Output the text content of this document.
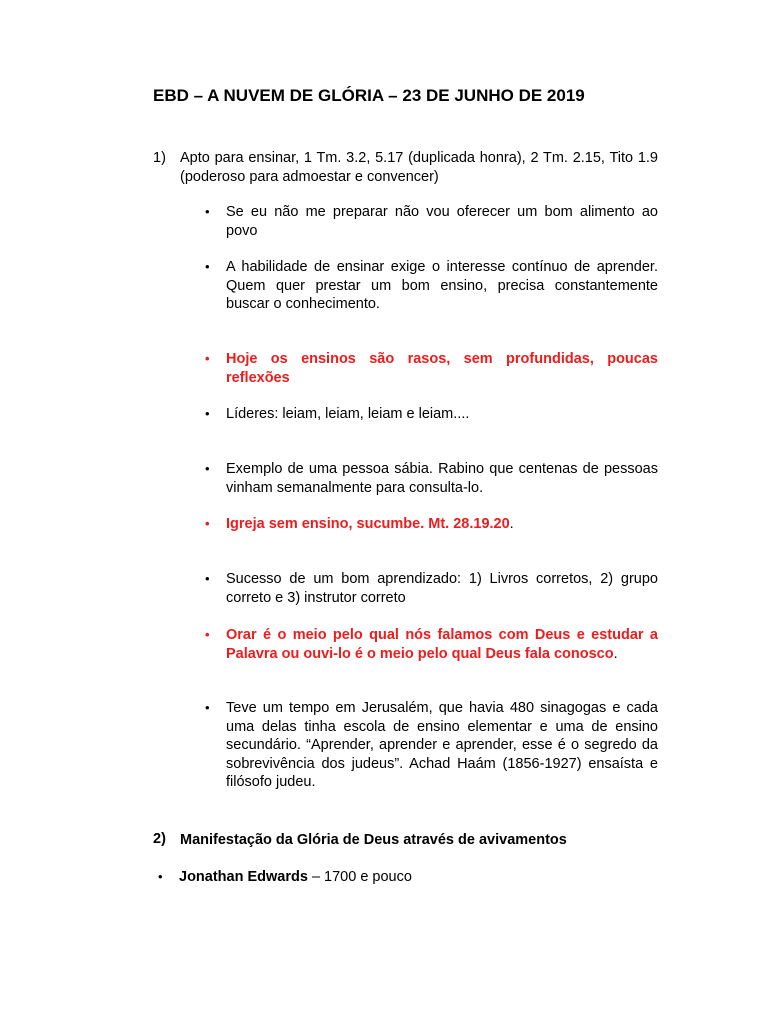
EBD – A NUVEM DE GLÓRIA – 23 DE JUNHO DE 2019
1) Apto para ensinar, 1 Tm. 3.2, 5.17 (duplicada honra), 2 Tm. 2.15, Tito 1.9 (poderoso para admoestar e convencer)
• Se eu não me preparar não vou oferecer um bom alimento ao povo
• A habilidade de ensinar exige o interesse contínuo de aprender. Quem quer prestar um bom ensino, precisa constantemente buscar o conhecimento.
• Hoje os ensinos são rasos, sem profundidas, poucas reflexões
• Líderes: leiam, leiam, leiam e leiam....
• Exemplo de uma pessoa sábia. Rabino que centenas de pessoas vinham semanalmente para consulta-lo.
• Igreja sem ensino, sucumbe. Mt. 28.19.20.
• Sucesso de um bom aprendizado: 1) Livros corretos, 2) grupo correto e 3) instrutor correto
• Orar é o meio pelo qual nós falamos com Deus e estudar a Palavra ou ouvi-lo é o meio pelo qual Deus fala conosco.
• Teve um tempo em Jerusalém, que havia 480 sinagogas e cada uma delas tinha escola de ensino elementar e uma de ensino secundário. “Aprender, aprender e aprender, esse é o segredo da sobrevivência dos judeus”. Achad Haám (1856-1927) ensaísta e filósofo judeu.
2) Manifestação da Glória de Deus através de avivamentos
• Jonathan Edwards – 1700 e pouco
